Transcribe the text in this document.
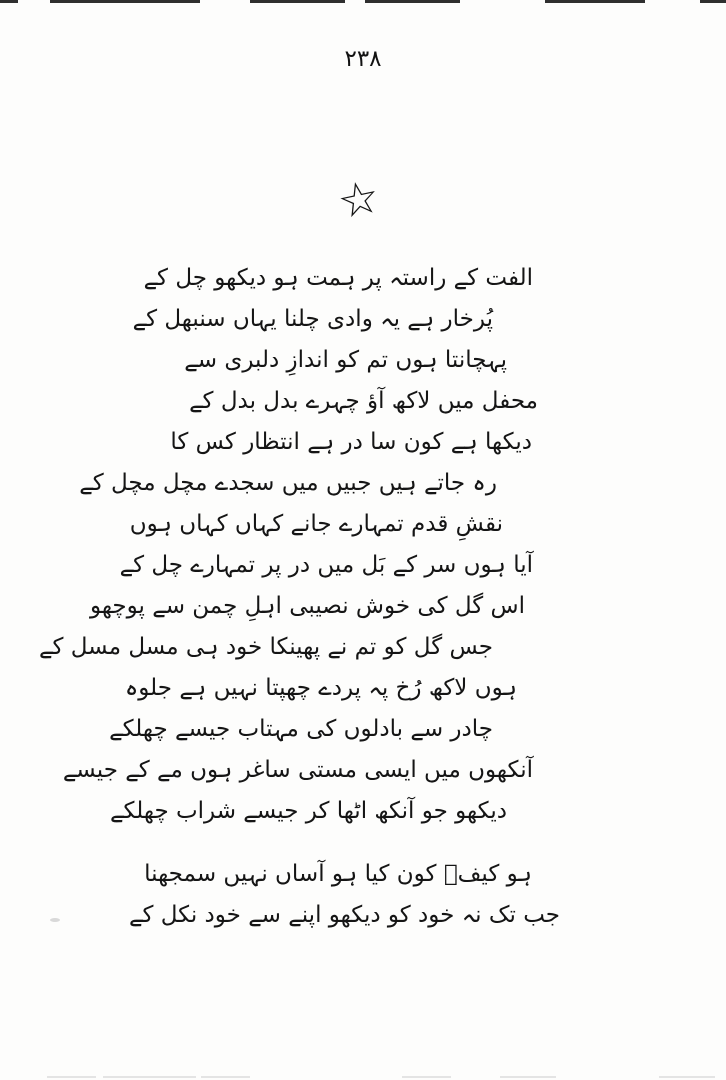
۲۳۸
☆

الفت کے راستہ پر ہمت ہو دیکھو چل کے

پُرخار ہے یہ وادی چلنا یہاں سنبھل کے

پہچانتا ہوں تم کو اندازِ دلبری سے

محفل میں لاکھ آؤ چہرے بدل بدل کے

دیکھا ہے کون سا در ہے انتظار کس کا

رہ جاتے ہیں جبیں میں سجدے مچل مچل کے

نقشِ قدم تمہارے جانے کہاں کہاں ہوں

آیا ہوں سر کے بَل میں در پر تمہارے چل کے

اس گل کی خوش نصیبی اہلِ چمن سے پوچھو

جس گل کو تم نے پھینکا خود ہی مسل مسل کے

ہوں لاکھ رُخ پہ پردے چھپتا نہیں ہے جلوہ

چادر سے بادلوں کی مہتاب جیسے چھلکے

آنکھوں میں ایسی مستی ساغر ہوں مے کے جیسے

دیکھو جو آنکھ اٹھا کر جیسے شراب چھلکے

ہو کیفؔ کون کیا ہو آساں نہیں سمجھنا

جب تک نہ خود کو دیکھو اپنے سے خود نکل کے
